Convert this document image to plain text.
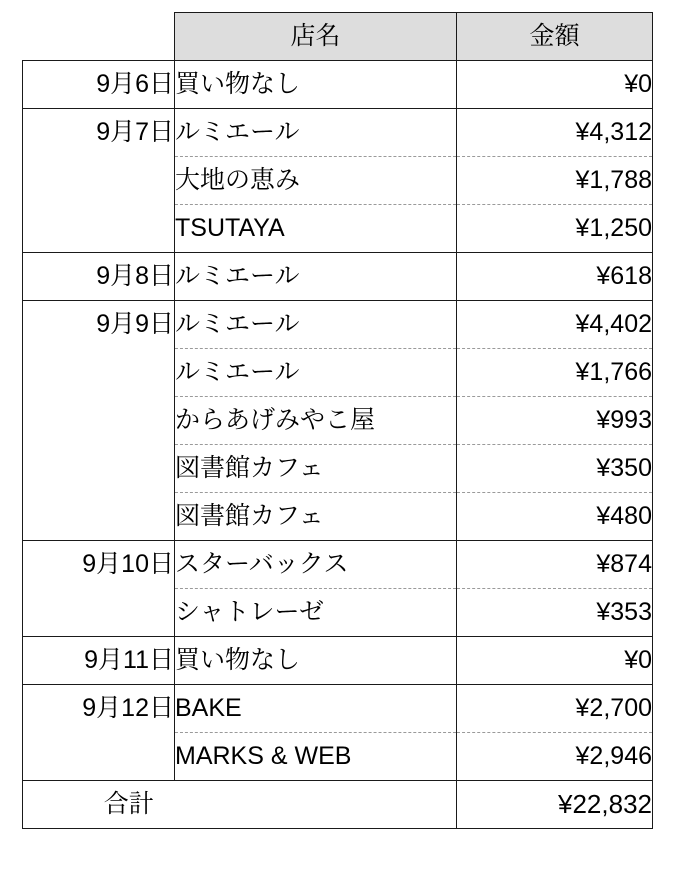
	店名	金額
9月6日	買い物なし	¥0
9月7日	ルミエール	¥4,312
	大地の恵み	¥1,788
	TSUTAYA	¥1,250
9月8日	ルミエール	¥618
9月9日	ルミエール	¥4,402
	ルミエール	¥1,766
	からあげみやこ屋	¥993
	図書館カフェ	¥350
	図書館カフェ	¥480
9月10日	スターバックス	¥874
	シャトレーゼ	¥353
9月11日	買い物なし	¥0
9月12日	BAKE	¥2,700
	MARKS & WEB	¥2,946

合計		¥22,832
